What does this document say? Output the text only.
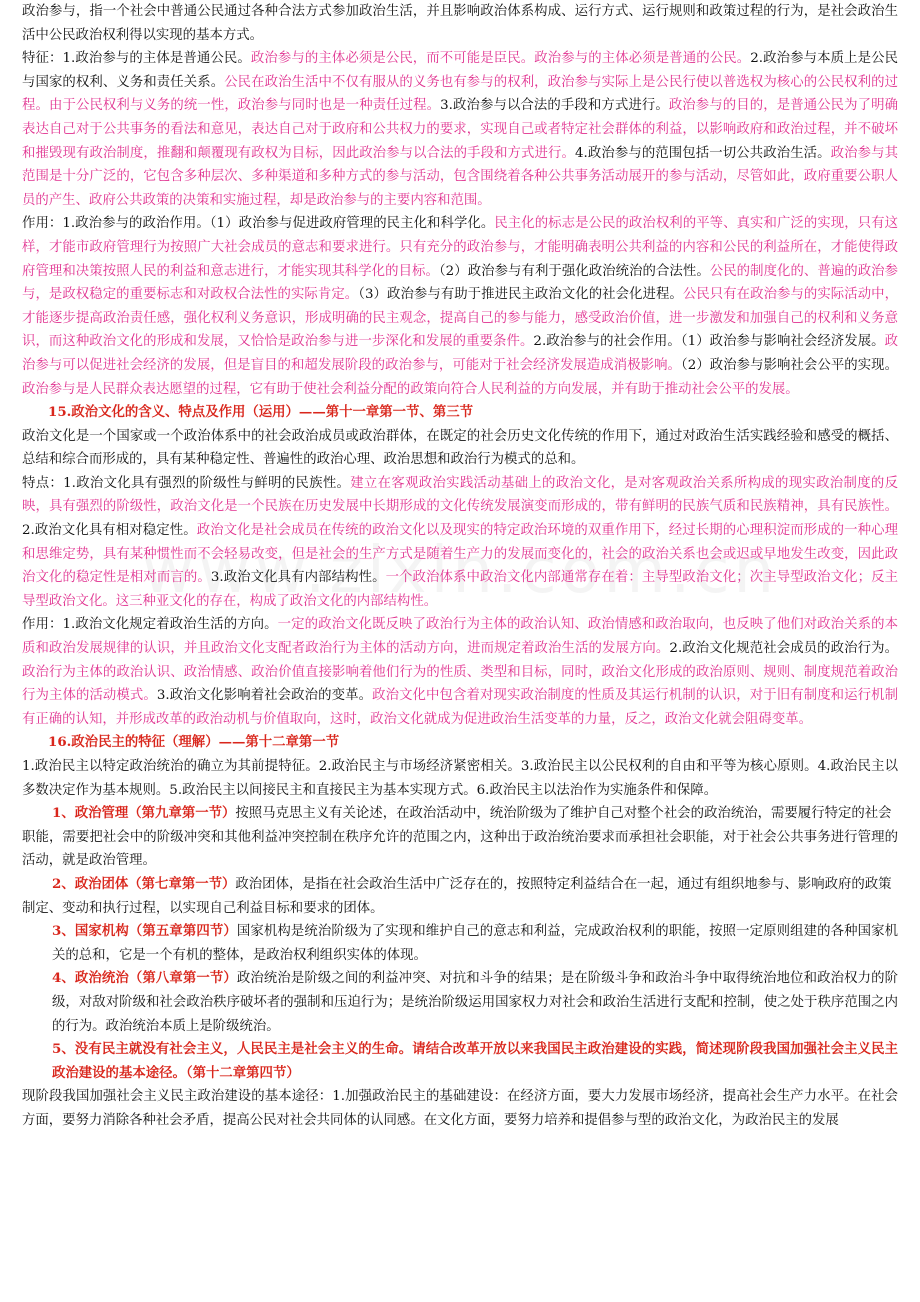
政治参与，指一个社会中普通公民通过各种合法方式参加政治生活，并且影响政治体系构成、运行方式、运行规则和政策过程的行为，是社会政治生活中公民政治权利得以实现的基本方式。

特征：1.政治参与的主体是普通公民。政治参与的主体必须是公民，而不可能是臣民。政治参与的主体必须是普通的公民。2.政治参与本质上是公民与国家的权利、义务和责任关系。公民在政治生活中不仅有服从的义务也有参与的权利，政治参与实际上是公民行使以普选权为核心的公民权利的过程。由于公民权利与义务的统一性，政治参与同时也是一种责任过程。3.政治参与以合法的手段和方式进行。政治参与的目的，是普通公民为了明确表达自己对于公共事务的看法和意见，表达自己对于政府和公共权力的要求，实现自己或者特定社会群体的利益，以影响政府和政治过程，并不破坏和摧毁现有政治制度，推翻和颠覆现有政权为目标，因此政治参与以合法的手段和方式进行。4.政治参与的范围包括一切公共政治生活。政治参与其范围是十分广泛的，它包含多种层次、多种渠道和多种方式的参与活动，包含围绕着各种公共事务活动展开的参与活动，尽管如此，政府重要公职人员的产生、政府公共政策的决策和实施过程，却是政治参与的主要内容和范围。

作用：1.政治参与的政治作用。（1）政治参与促进政府管理的民主化和科学化。民主化的标志是公民的政治权利的平等、真实和广泛的实现，只有这样，才能市政府管理行为按照广大社会成员的意志和要求进行。只有充分的政治参与，才能明确表明公共利益的内容和公民的利益所在，才能使得政府管理和决策按照人民的利益和意志进行，才能实现其科学化的目标。（2）政治参与有利于强化政治统治的合法性。公民的制度化的、普遍的政治参与，是政权稳定的重要标志和对政权合法性的实际肯定。（3）政治参与有助于推进民主政治文化的社会化进程。公民只有在政治参与的实际活动中，才能逐步提高政治责任感，强化权利义务意识，形成明确的民主观念，提高自己的参与能力，感受政治价值，进一步激发和加强自己的权利和义务意识，而这种政治文化的形成和发展，又恰恰是政治参与进一步深化和发展的重要条件。2.政治参与的社会作用。（1）政治参与影响社会经济发展。政治参与可以促进社会经济的发展，但是盲目的和超发展阶段的政治参与，可能对于社会经济发展造成消极影响。（2）政治参与影响社会公平的实现。政治参与是人民群众表达愿望的过程，它有助于使社会利益分配的政策向符合人民利益的方向发展，并有助于推动社会公平的发展。

15.政治文化的含义、特点及作用（运用）——第十一章第一节、第三节

政治文化是一个国家或一个政治体系中的社会政治成员或政治群体，在既定的社会历史文化传统的作用下，通过对政治生活实践经验和感受的概括、总结和综合而形成的，具有某种稳定性、普遍性的政治心理、政治思想和政治行为模式的总和。

特点：1.政治文化具有强烈的阶级性与鲜明的民族性。建立在客观政治实践活动基础上的政治文化，是对客观政治关系所构成的现实政治制度的反映，具有强烈的阶级性，政治文化是一个民族在历史发展中长期形成的文化传统发展演变而形成的，带有鲜明的民族气质和民族精神，具有民族性。2.政治文化具有相对稳定性。政治文化是社会成员在传统的政治文化以及现实的特定政治环境的双重作用下，经过长期的心理积淀而形成的一种心理和思维定势，具有某种惯性而不会轻易改变，但是社会的生产方式是随着生产力的发展而变化的，社会的政治关系也会或迟或早地发生改变，因此政治文化的稳定性是相对而言的。3.政治文化具有内部结构性。一个政治体系中政治文化内部通常存在着：主导型政治文化；次主导型政治文化；反主导型政治文化。这三种亚文化的存在，构成了政治文化的内部结构性。

作用：1.政治文化规定着政治生活的方向。一定的政治文化既反映了政治行为主体的政治认知、政治情感和政治取向，也反映了他们对政治关系的本质和政治发展规律的认识，并且政治文化支配者政治行为主体的活动方向，进而规定着政治生活的发展方向。2.政治文化规范社会成员的政治行为。政治行为主体的政治认识、政治情感、政治价值直接影响着他们行为的性质、类型和目标，同时，政治文化形成的政治原则、规则、制度规范着政治行为主体的活动模式。3.政治文化影响着社会政治的变革。政治文化中包含着对现实政治制度的性质及其运行机制的认识，对于旧有制度和运行机制有正确的认知，并形成改革的政治动机与价值取向，这时，政治文化就成为促进政治生活变革的力量，反之，政治文化就会阻碍变革。

16.政治民主的特征（理解）——第十二章第一节

1.政治民主以特定政治统治的确立为其前提特征。2.政治民主与市场经济紧密相关。3.政治民主以公民权利的自由和平等为核心原则。4.政治民主以多数决定作为基本规则。5.政治民主以间接民主和直接民主为基本实现方式。6.政治民主以法治作为实施条件和保障。

1、政治管理（第九章第一节）按照马克思主义有关论述，在政治活动中，统治阶级为了维护自己对整个社会的政治统治，需要履行特定的社会

职能，需要把社会中的阶级冲突和其他利益冲突控制在秩序允许的范围之内，这种出于政治统治要求而承担社会职能，对于社会公共事务进行管理的活动，就是政治管理。

2、政治团体（第七章第一节）政治团体，是指在社会政治生活中广泛存在的，按照特定利益结合在一起，通过有组织地参与、影响政府的政策

制定、变动和执行过程，以实现自己利益目标和要求的团体。

3、国家机构（第五章第四节）国家机构是统治阶级为了实现和维护自己的意志和利益，完成政治权利的职能，按照一定原则组建的各种国家机关的总和，它是一个有机的整体，是政治权利组织实体的体现。

4、政治统治（第八章第一节）政治统治是阶级之间的利益冲突、对抗和斗争的结果；是在阶级斗争和政治斗争中取得统治地位和政治权力的阶级，对敌对阶级和社会政治秩序破坏者的强制和压迫行为；是统治阶级运用国家权力对社会和政治生活进行支配和控制，使之处于秩序范围之内的行为。政治统治本质上是阶级统治。

5、没有民主就没有社会主义，人民民主是社会主义的生命。请结合改革开放以来我国民主政治建设的实践，简述现阶段我国加强社会主义民主政治建设的基本途径。（第十二章第四节）

现阶段我国加强社会主义民主政治建设的基本途径：1.加强政治民主的基础建设：在经济方面，要大力发展市场经济，提高社会生产力水平。在社会方面，要努力消除各种社会矛盾，提高公民对社会共同体的认同感。在文化方面，要努力培养和提倡参与型的政治文化，为政治民主的发展
